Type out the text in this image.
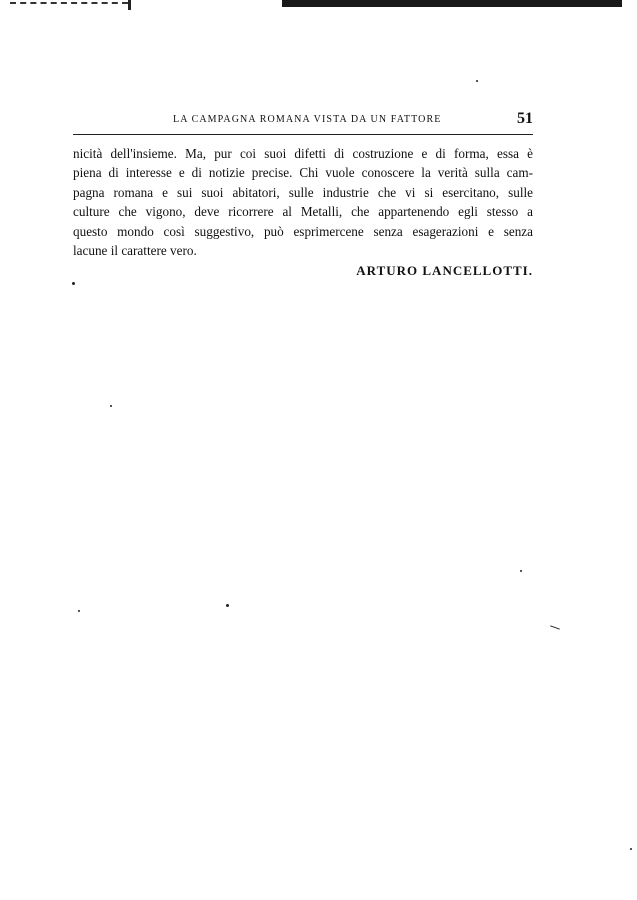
LA CAMPAGNA ROMANA VISTA DA UN FATTORE	51
nicità dell'insieme. Ma, pur coi suoi difetti di costruzione e di forma, essa è
piena di interesse e di notizie precise. Chi vuole conoscere la verità sulla cam-
pagna romana e sui suoi abitatori, sulle industrie che vi si esercitano, sulle
culture che vigono, deve ricorrere al Metalli, che appartenendo egli stesso a
questo mondo così suggestivo, può esprimercene senza esagerazioni e senza
lacune il carattere vero.
ARTURO LANCELLOTTI.
